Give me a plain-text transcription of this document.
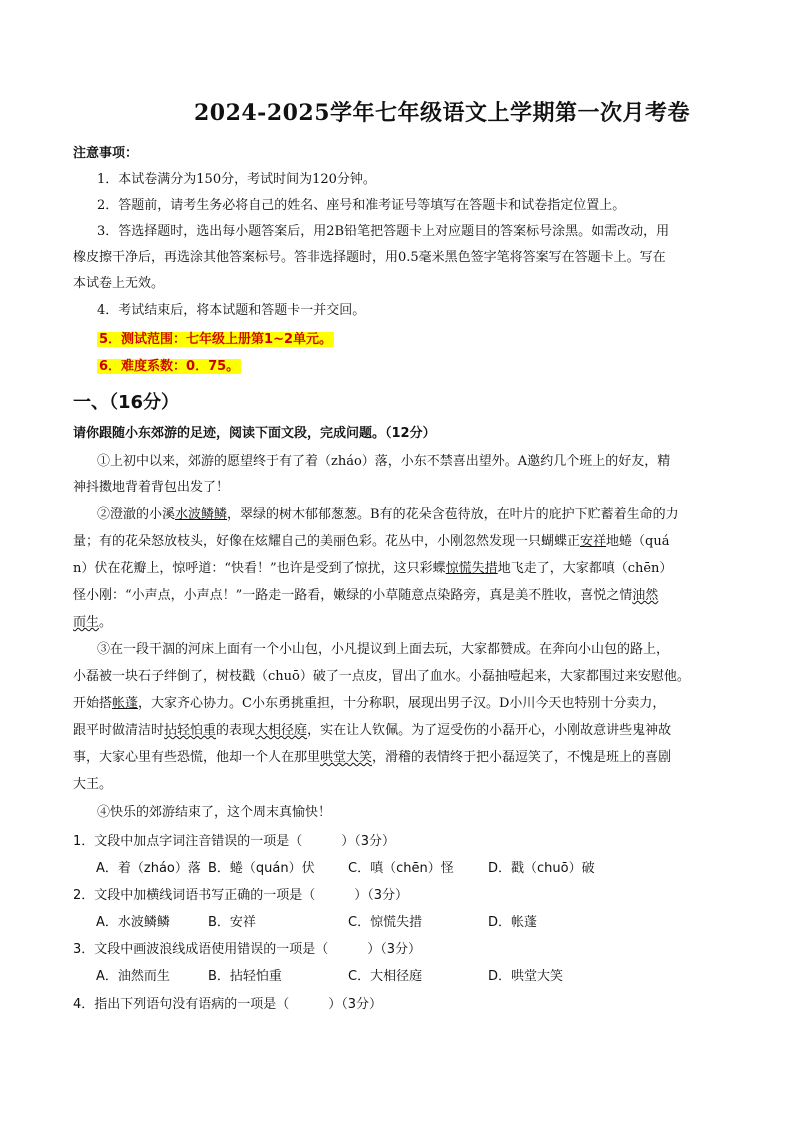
2024-2025学年七年级语文上学期第一次月考卷
注意事项：
1．本试卷满分为150分，考试时间为120分钟。
2．答题前，请考生务必将自己的姓名、座号和准考证号等填写在答题卡和试卷指定位置上。
3．答选择题时，选出每小题答案后，用2B铅笔把答题卡上对应题目的答案标号涂黑。如需改动，用
橡皮擦干净后，再选涂其他答案标号。答非选择题时，用0.5毫米黑色签字笔将答案写在答题卡上。写在
本试卷上无效。
4．考试结束后，将本试题和答题卡一并交回。
5．测试范围：七年级上册第1~2单元。
6．难度系数：0．75。
一、（16分）
请你跟随小东郊游的足迹，阅读下面文段，完成问题。（12分）
①上初中以来，郊游的愿望终于有了着（zháo）落，小东不禁喜出望外。A邀约几个班上的好友，精
神抖擞地背着背包出发了！
②澄澈的小溪水波鳞鳞，翠绿的树木郁郁葱葱。B有的花朵含苞待放，在叶片的庇护下贮蓄着生命的力
量；有的花朵怒放枝头，好像在炫耀自己的美丽色彩。花丛中，小刚忽然发现一只蝴蝶正安祥地蜷（quá
n）伏在花瓣上，惊呼道：“快看！”也许是受到了惊扰，这只彩蝶惊慌失措地飞走了，大家都嗔（chēn）
怪小刚：“小声点，小声点！”一路走一路看，嫩绿的小草随意点染路旁，真是美不胜收，喜悦之情油然
而生。
③在一段干涸的河床上面有一个小山包，小凡提议到上面去玩，大家都赞成。在奔向小山包的路上，
小磊被一块石子绊倒了，树枝戳（chuō）破了一点皮，冒出了血水。小磊抽噎起来，大家都围过来安慰他。
开始搭帐蓬，大家齐心协力。C小东勇挑重担，十分称职，展现出男子汉。D小川今天也特别十分卖力，
跟平时做清洁时拈轻怕重的表现大相径庭，实在让人钦佩。为了逗受伤的小磊开心，小刚故意讲些鬼神故
事，大家心里有些恐慌，他却一个人在那里哄堂大笑，滑稽的表情终于把小磊逗笑了，不愧是班上的喜剧
大王。
④快乐的郊游结束了，这个周末真愉快！
1．文段中加点字词注音错误的一项是（　　　）（3分）
A．着（zháo）落 B．蜷（quán）伏	C．嗔（chēn）怪	D．戳（chuō）破
2．文段中加横线词语书写正确的一项是（　　　）（3分）
A．水波鳞鳞	B．安祥	C．惊慌失措	D．帐蓬
3．文段中画波浪线成语使用错误的一项是（　　　）（3分）
A．油然而生	B．拈轻怕重	C．大相径庭	D．哄堂大笑
4．指出下列语句没有语病的一项是（　　　）（3分）
